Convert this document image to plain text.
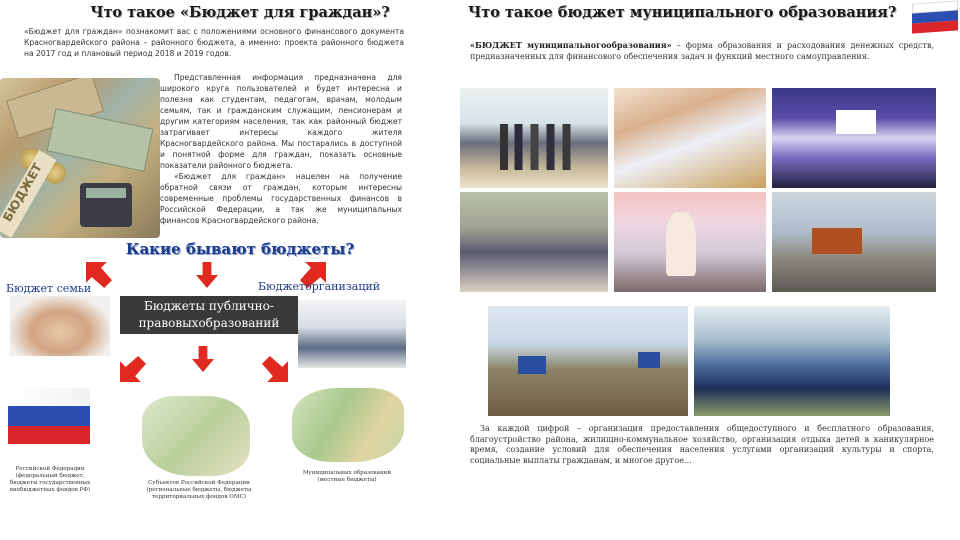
Что такое «Бюджет для граждан»?
«Бюджет для граждан» познакомит вас с положениями основного финансового документа Красногвардейского района – районного бюджета, а именно: проекта районного бюджета на 2017 год и плановый период 2018 и 2019 годов.
БЮДЖЕТ

Представленная информация предназначена для широкого круга пользователей и будет интересна и полезна как студентам, педагогам, врачам, молодым семьям, так и гражданским служащим, пенсионерам и другим категориям населения, так как районный бюджет затрагивает интересы каждого жителя Красногвардейского района. Мы постарались в доступной и понятной форме для граждан, показать основные показатели районного бюджета.

«Бюджет для граждан» нацелен на получение обратной связи от граждан, которым интересны современные проблемы государственных финансов в Российской Федерации, а так же муниципальных финансов Красногвардейского района.

Какие бывают бюджеты?
Бюджет семьи	Бюджеторганизаций
Бюджеты публично-
правовыхобразований
Российской Федерации (федеральный бюджет, бюджеты государственных внебюджетных фондов РФ)
Субъектов Российской Федерации (региональные бюджеты, бюджеты территориальных фондов ОМС)
Муниципальных образований (местные бюджеты)
Что такое бюджет муниципального образования?
«БЮДЖЕТ муниципальногообразования» – форма образования и расходования денежных средств, предназначенных для финансового обеспечения задач и функций местного самоуправления.
За каждой цифрой – организация предоставления общедоступного и бесплатного образования, благоустройство района, жилищно-коммунальное хозяйство, организация отдыха детей в каникулярное время, создание условий для обеспечения населения услугами организаций культуры и спорта, социальные выплаты гражданам, и многое другое…
